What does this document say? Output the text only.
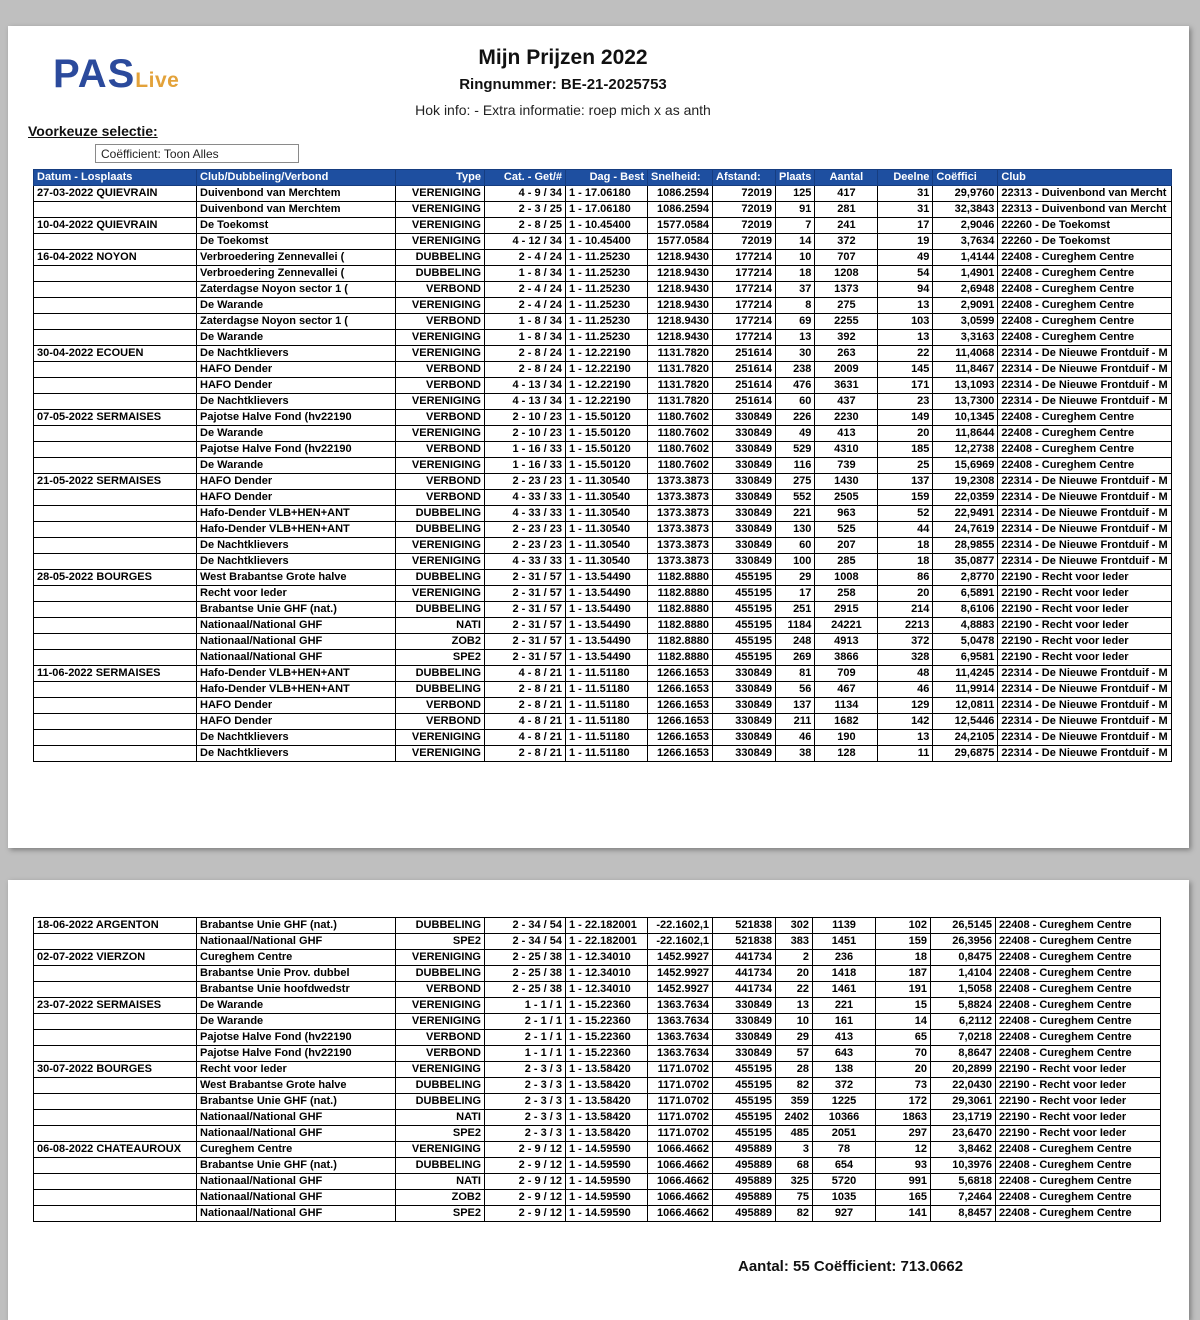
PASLive
Mijn Prijzen 2022
Ringnummer: BE-21-2025753
Hok info: - Extra informatie: roep mich x as anth
Voorkeuze selectie:
Coëfficient: Toon Alles
Datum - Losplaats	Club/Dubbeling/Verbond	Type	Cat. - Get/#	Dag - Best	Snelheid:	Afstand:	Plaats	Aantal	Deelne	Coëffici	Club
27-03-2022 QUIEVRAIN	Duivenbond van Merchtem	VERENIGING	4 - 9 / 34	1 - 17.06180	1086.2594	72019	125	417	31	29,9760	22313 - Duivenbond van Mercht
	Duivenbond van Merchtem	VERENIGING	2 - 3 / 25	1 - 17.06180	1086.2594	72019	91	281	31	32,3843	22313 - Duivenbond van Mercht
10-04-2022 QUIEVRAIN	De Toekomst	VERENIGING	2 - 8 / 25	1 - 10.45400	1577.0584	72019	7	241	17	2,9046	22260 - De Toekomst
	De Toekomst	VERENIGING	4 - 12 / 34	1 - 10.45400	1577.0584	72019	14	372	19	3,7634	22260 - De Toekomst
16-04-2022 NOYON	Verbroedering Zennevallei (	DUBBELING	2 - 4 / 24	1 - 11.25230	1218.9430	177214	10	707	49	1,4144	22408 - Cureghem Centre
	Verbroedering Zennevallei (	DUBBELING	1 - 8 / 34	1 - 11.25230	1218.9430	177214	18	1208	54	1,4901	22408 - Cureghem Centre
	Zaterdagse Noyon sector 1 (	VERBOND	2 - 4 / 24	1 - 11.25230	1218.9430	177214	37	1373	94	2,6948	22408 - Cureghem Centre
	De Warande	VERENIGING	2 - 4 / 24	1 - 11.25230	1218.9430	177214	8	275	13	2,9091	22408 - Cureghem Centre
	Zaterdagse Noyon sector 1 (	VERBOND	1 - 8 / 34	1 - 11.25230	1218.9430	177214	69	2255	103	3,0599	22408 - Cureghem Centre
	De Warande	VERENIGING	1 - 8 / 34	1 - 11.25230	1218.9430	177214	13	392	13	3,3163	22408 - Cureghem Centre
30-04-2022 ECOUEN	De Nachtklievers	VERENIGING	2 - 8 / 24	1 - 12.22190	1131.7820	251614	30	263	22	11,4068	22314 - De Nieuwe Frontduif - M
	HAFO Dender	VERBOND	2 - 8 / 24	1 - 12.22190	1131.7820	251614	238	2009	145	11,8467	22314 - De Nieuwe Frontduif - M
	HAFO Dender	VERBOND	4 - 13 / 34	1 - 12.22190	1131.7820	251614	476	3631	171	13,1093	22314 - De Nieuwe Frontduif - M
	De Nachtklievers	VERENIGING	4 - 13 / 34	1 - 12.22190	1131.7820	251614	60	437	23	13,7300	22314 - De Nieuwe Frontduif - M
07-05-2022 SERMAISES	Pajotse Halve Fond (hv22190	VERBOND	2 - 10 / 23	1 - 15.50120	1180.7602	330849	226	2230	149	10,1345	22408 - Cureghem Centre
	De Warande	VERENIGING	2 - 10 / 23	1 - 15.50120	1180.7602	330849	49	413	20	11,8644	22408 - Cureghem Centre
	Pajotse Halve Fond (hv22190	VERBOND	1 - 16 / 33	1 - 15.50120	1180.7602	330849	529	4310	185	12,2738	22408 - Cureghem Centre
	De Warande	VERENIGING	1 - 16 / 33	1 - 15.50120	1180.7602	330849	116	739	25	15,6969	22408 - Cureghem Centre
21-05-2022 SERMAISES	HAFO Dender	VERBOND	2 - 23 / 23	1 - 11.30540	1373.3873	330849	275	1430	137	19,2308	22314 - De Nieuwe Frontduif - M
	HAFO Dender	VERBOND	4 - 33 / 33	1 - 11.30540	1373.3873	330849	552	2505	159	22,0359	22314 - De Nieuwe Frontduif - M
	Hafo-Dender VLB+HEN+ANT	DUBBELING	4 - 33 / 33	1 - 11.30540	1373.3873	330849	221	963	52	22,9491	22314 - De Nieuwe Frontduif - M
	Hafo-Dender VLB+HEN+ANT	DUBBELING	2 - 23 / 23	1 - 11.30540	1373.3873	330849	130	525	44	24,7619	22314 - De Nieuwe Frontduif - M
	De Nachtklievers	VERENIGING	2 - 23 / 23	1 - 11.30540	1373.3873	330849	60	207	18	28,9855	22314 - De Nieuwe Frontduif - M
	De Nachtklievers	VERENIGING	4 - 33 / 33	1 - 11.30540	1373.3873	330849	100	285	18	35,0877	22314 - De Nieuwe Frontduif - M
28-05-2022 BOURGES	West Brabantse Grote halve	DUBBELING	2 - 31 / 57	1 - 13.54490	1182.8880	455195	29	1008	86	2,8770	22190 - Recht voor Ieder
	Recht voor Ieder	VERENIGING	2 - 31 / 57	1 - 13.54490	1182.8880	455195	17	258	20	6,5891	22190 - Recht voor Ieder
	Brabantse Unie GHF (nat.)	DUBBELING	2 - 31 / 57	1 - 13.54490	1182.8880	455195	251	2915	214	8,6106	22190 - Recht voor Ieder
	Nationaal/National GHF	NATI	2 - 31 / 57	1 - 13.54490	1182.8880	455195	1184	24221	2213	4,8883	22190 - Recht voor Ieder
	Nationaal/National GHF	ZOB2	2 - 31 / 57	1 - 13.54490	1182.8880	455195	248	4913	372	5,0478	22190 - Recht voor Ieder
	Nationaal/National GHF	SPE2	2 - 31 / 57	1 - 13.54490	1182.8880	455195	269	3866	328	6,9581	22190 - Recht voor Ieder
11-06-2022 SERMAISES	Hafo-Dender VLB+HEN+ANT	DUBBELING	4 - 8 / 21	1 - 11.51180	1266.1653	330849	81	709	48	11,4245	22314 - De Nieuwe Frontduif - M
	Hafo-Dender VLB+HEN+ANT	DUBBELING	2 - 8 / 21	1 - 11.51180	1266.1653	330849	56	467	46	11,9914	22314 - De Nieuwe Frontduif - M
	HAFO Dender	VERBOND	2 - 8 / 21	1 - 11.51180	1266.1653	330849	137	1134	129	12,0811	22314 - De Nieuwe Frontduif - M
	HAFO Dender	VERBOND	4 - 8 / 21	1 - 11.51180	1266.1653	330849	211	1682	142	12,5446	22314 - De Nieuwe Frontduif - M
	De Nachtklievers	VERENIGING	4 - 8 / 21	1 - 11.51180	1266.1653	330849	46	190	13	24,2105	22314 - De Nieuwe Frontduif - M
	De Nachtklievers	VERENIGING	2 - 8 / 21	1 - 11.51180	1266.1653	330849	38	128	11	29,6875	22314 - De Nieuwe Frontduif - M
18-06-2022 ARGENTON	Brabantse Unie GHF (nat.)	DUBBELING	2 - 34 / 54	1 - 22.182001	-22.1602,1	521838	302	1139	102	26,5145	22408 - Cureghem Centre
	Nationaal/National GHF	SPE2	2 - 34 / 54	1 - 22.182001	-22.1602,1	521838	383	1451	159	26,3956	22408 - Cureghem Centre
02-07-2022 VIERZON	Cureghem Centre	VERENIGING	2 - 25 / 38	1 - 12.34010	1452.9927	441734	2	236	18	0,8475	22408 - Cureghem Centre
	Brabantse Unie Prov. dubbel	DUBBELING	2 - 25 / 38	1 - 12.34010	1452.9927	441734	20	1418	187	1,4104	22408 - Cureghem Centre
	Brabantse Unie hoofdwedstr	VERBOND	2 - 25 / 38	1 - 12.34010	1452.9927	441734	22	1461	191	1,5058	22408 - Cureghem Centre
23-07-2022 SERMAISES	De Warande	VERENIGING	1 - 1 / 1	1 - 15.22360	1363.7634	330849	13	221	15	5,8824	22408 - Cureghem Centre
	De Warande	VERENIGING	2 - 1 / 1	1 - 15.22360	1363.7634	330849	10	161	14	6,2112	22408 - Cureghem Centre
	Pajotse Halve Fond (hv22190	VERBOND	2 - 1 / 1	1 - 15.22360	1363.7634	330849	29	413	65	7,0218	22408 - Cureghem Centre
	Pajotse Halve Fond (hv22190	VERBOND	1 - 1 / 1	1 - 15.22360	1363.7634	330849	57	643	70	8,8647	22408 - Cureghem Centre
30-07-2022 BOURGES	Recht voor Ieder	VERENIGING	2 - 3 / 3	1 - 13.58420	1171.0702	455195	28	138	20	20,2899	22190 - Recht voor Ieder
	West Brabantse Grote halve	DUBBELING	2 - 3 / 3	1 - 13.58420	1171.0702	455195	82	372	73	22,0430	22190 - Recht voor Ieder
	Brabantse Unie GHF (nat.)	DUBBELING	2 - 3 / 3	1 - 13.58420	1171.0702	455195	359	1225	172	29,3061	22190 - Recht voor Ieder
	Nationaal/National GHF	NATI	2 - 3 / 3	1 - 13.58420	1171.0702	455195	2402	10366	1863	23,1719	22190 - Recht voor Ieder
	Nationaal/National GHF	SPE2	2 - 3 / 3	1 - 13.58420	1171.0702	455195	485	2051	297	23,6470	22190 - Recht voor Ieder
06-08-2022 CHATEAUROUX	Cureghem Centre	VERENIGING	2 - 9 / 12	1 - 14.59590	1066.4662	495889	3	78	12	3,8462	22408 - Cureghem Centre
	Brabantse Unie GHF (nat.)	DUBBELING	2 - 9 / 12	1 - 14.59590	1066.4662	495889	68	654	93	10,3976	22408 - Cureghem Centre
	Nationaal/National GHF	NATI	2 - 9 / 12	1 - 14.59590	1066.4662	495889	325	5720	991	5,6818	22408 - Cureghem Centre
	Nationaal/National GHF	ZOB2	2 - 9 / 12	1 - 14.59590	1066.4662	495889	75	1035	165	7,2464	22408 - Cureghem Centre
	Nationaal/National GHF	SPE2	2 - 9 / 12	1 - 14.59590	1066.4662	495889	82	927	141	8,8457	22408 - Cureghem Centre
Aantal: 55 Coëfficient: 713.0662
